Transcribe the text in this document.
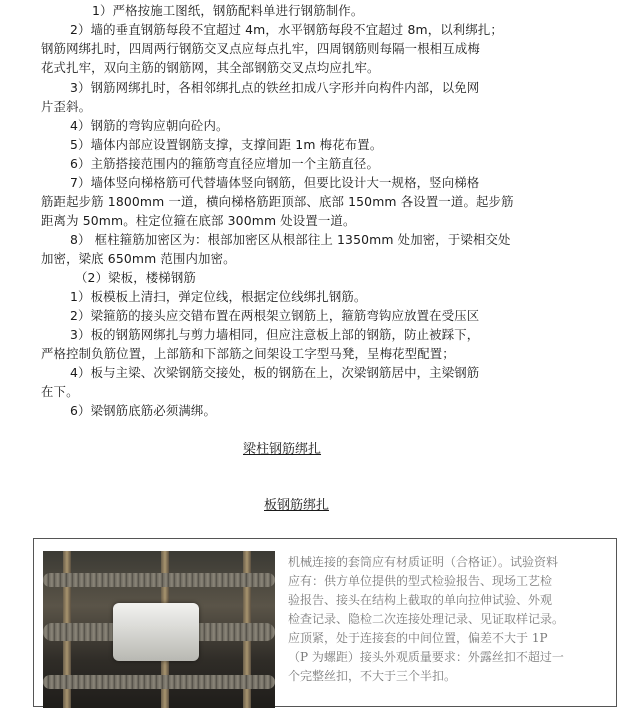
1）严格按施工图纸，钢筋配料单进行钢筋制作。
2）墙的垂直钢筋每段不宜超过 4m，水平钢筋每段不宜超过 8m，以利绑扎；
钢筋网绑扎时，四周两行钢筋交叉点应每点扎牢，四周钢筋则每隔一根相互成梅
花式扎牢，双向主筋的钢筋网，其全部钢筋交叉点均应扎牢。
3）钢筋网绑扎时，各相邻绑扎点的铁丝扣成八字形并向构件内部，以免网
片歪斜。
4）钢筋的弯钩应朝向砼内。
5）墙体内部应设置钢筋支撑，支撑间距 1m 梅花布置。
6）主筋搭接范围内的箍筋弯直径应增加一个主筋直径。
7）墙体竖向梯格筋可代替墙体竖向钢筋，但要比设计大一规格，竖向梯格
筋距起步筋 1800mm 一道，横向梯格筋距顶部、底部 150mm 各设置一道。起步筋
距离为 50mm。柱定位箍在底部 300mm 处设置一道。
8） 框柱箍筋加密区为：根部加密区从根部往上 1350mm 处加密，于梁相交处
加密，梁底 650mm 范围内加密。
（2）梁板，楼梯钢筋
1）板模板上清扫，弹定位线，根据定位线绑扎钢筋。
2）梁箍筋的接头应交错布置在两根架立钢筋上，箍筋弯钩应放置在受压区
3）板的钢筋网绑扎与剪力墙相同，但应注意板上部的钢筋，防止被踩下，
严格控制负筋位置，上部筋和下部筋之间架设工字型马凳，呈梅花型配置；
4）板与主梁、次梁钢筋交接处，板的钢筋在上，次梁钢筋居中，主梁钢筋
在下。
6）梁钢筋底筋必须满绑。
梁柱钢筋绑扎
板钢筋绑扎
机械连接的套筒应有材质证明（合格证）。试验资料
应有：供方单位提供的型式检验报告、现场工艺检
验报告、接头在结构上截取的单向拉伸试验、外观
检查记录、隐检二次连接处理记录、见证取样记录。
应顶紧，处于连接套的中间位置，偏差不大于 1P
（P 为螺距）接头外观质量要求：外露丝扣不超过一
个完整丝扣，不大于三个半扣。
